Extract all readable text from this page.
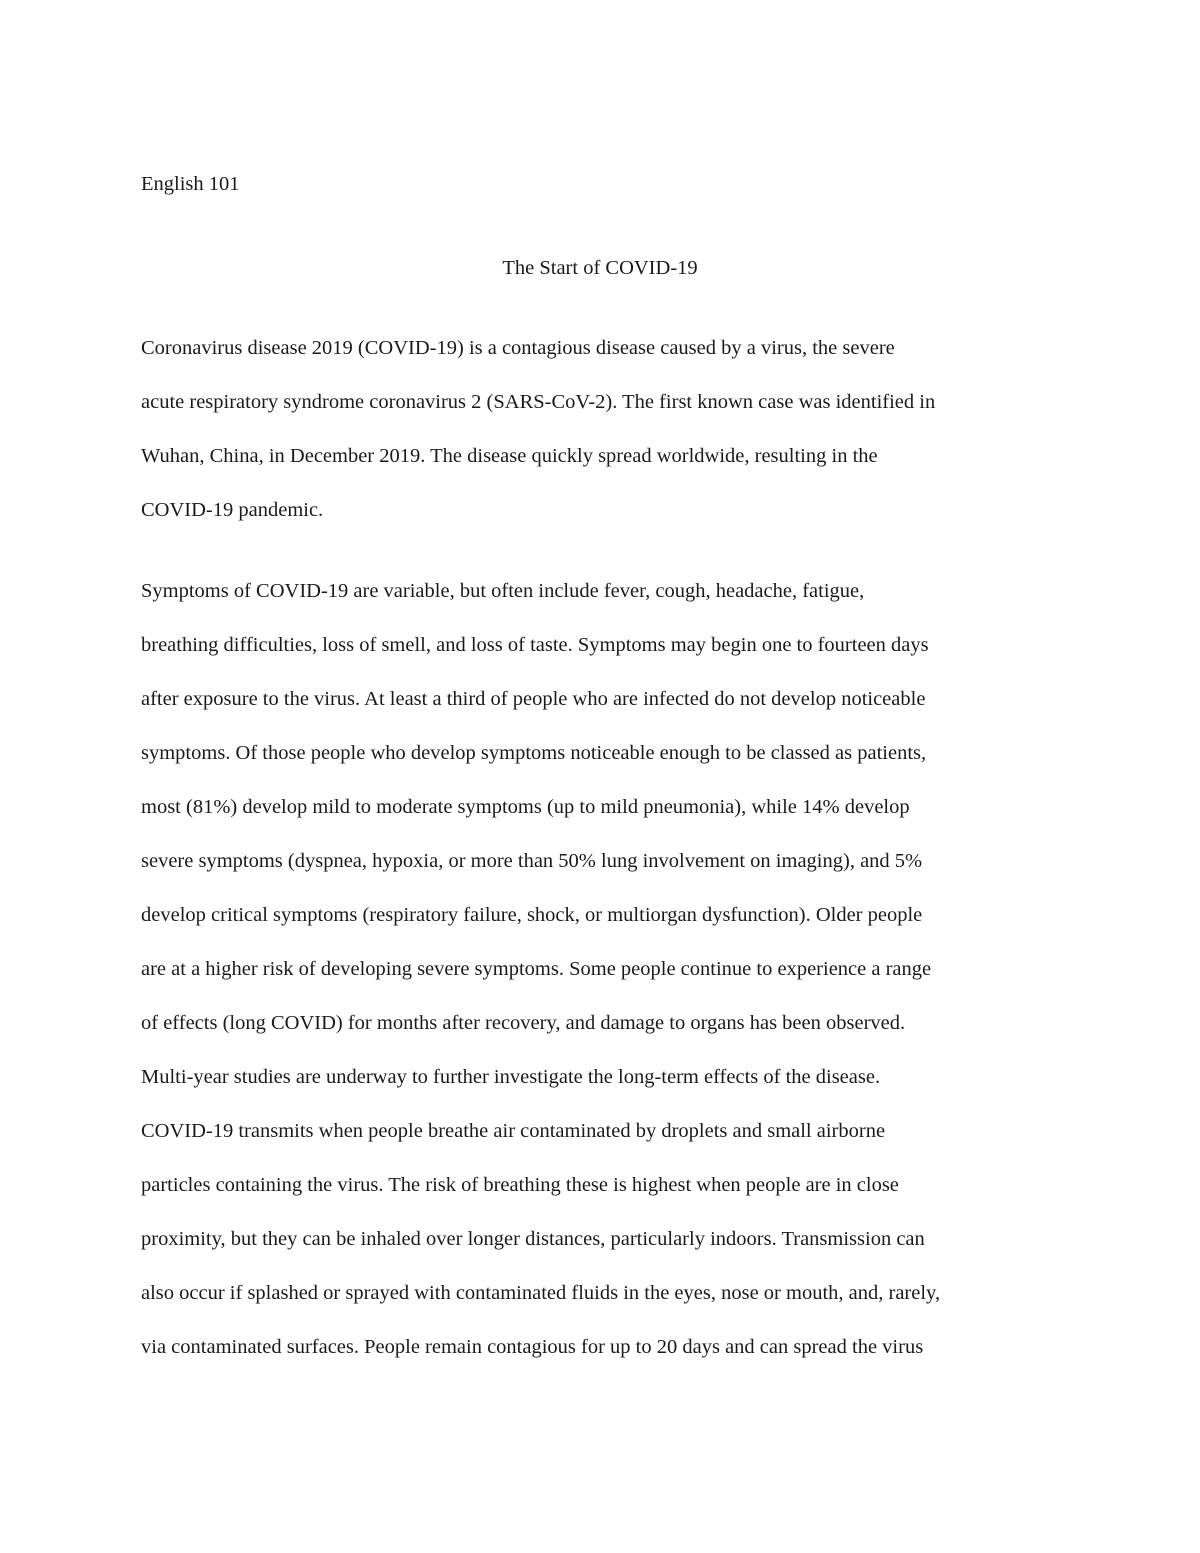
English 101
The Start of COVID-19
Coronavirus disease 2019 (COVID-19) is a contagious disease caused by a virus, the severe
acute respiratory syndrome coronavirus 2 (SARS-CoV-2). The first known case was identified in
Wuhan, China, in December 2019. The disease quickly spread worldwide, resulting in the
COVID-19 pandemic.
Symptoms of COVID-19 are variable, but often include fever, cough, headache, fatigue,
breathing difficulties, loss of smell, and loss of taste. Symptoms may begin one to fourteen days
after exposure to the virus. At least a third of people who are infected do not develop noticeable
symptoms. Of those people who develop symptoms noticeable enough to be classed as patients,
most (81%) develop mild to moderate symptoms (up to mild pneumonia), while 14% develop
severe symptoms (dyspnea, hypoxia, or more than 50% lung involvement on imaging), and 5%
develop critical symptoms (respiratory failure, shock, or multiorgan dysfunction). Older people
are at a higher risk of developing severe symptoms. Some people continue to experience a range
of effects (long COVID) for months after recovery, and damage to organs has been observed.
Multi-year studies are underway to further investigate the long-term effects of the disease.
COVID-19 transmits when people breathe air contaminated by droplets and small airborne
particles containing the virus. The risk of breathing these is highest when people are in close
proximity, but they can be inhaled over longer distances, particularly indoors. Transmission can
also occur if splashed or sprayed with contaminated fluids in the eyes, nose or mouth, and, rarely,
via contaminated surfaces. People remain contagious for up to 20 days and can spread the virus
